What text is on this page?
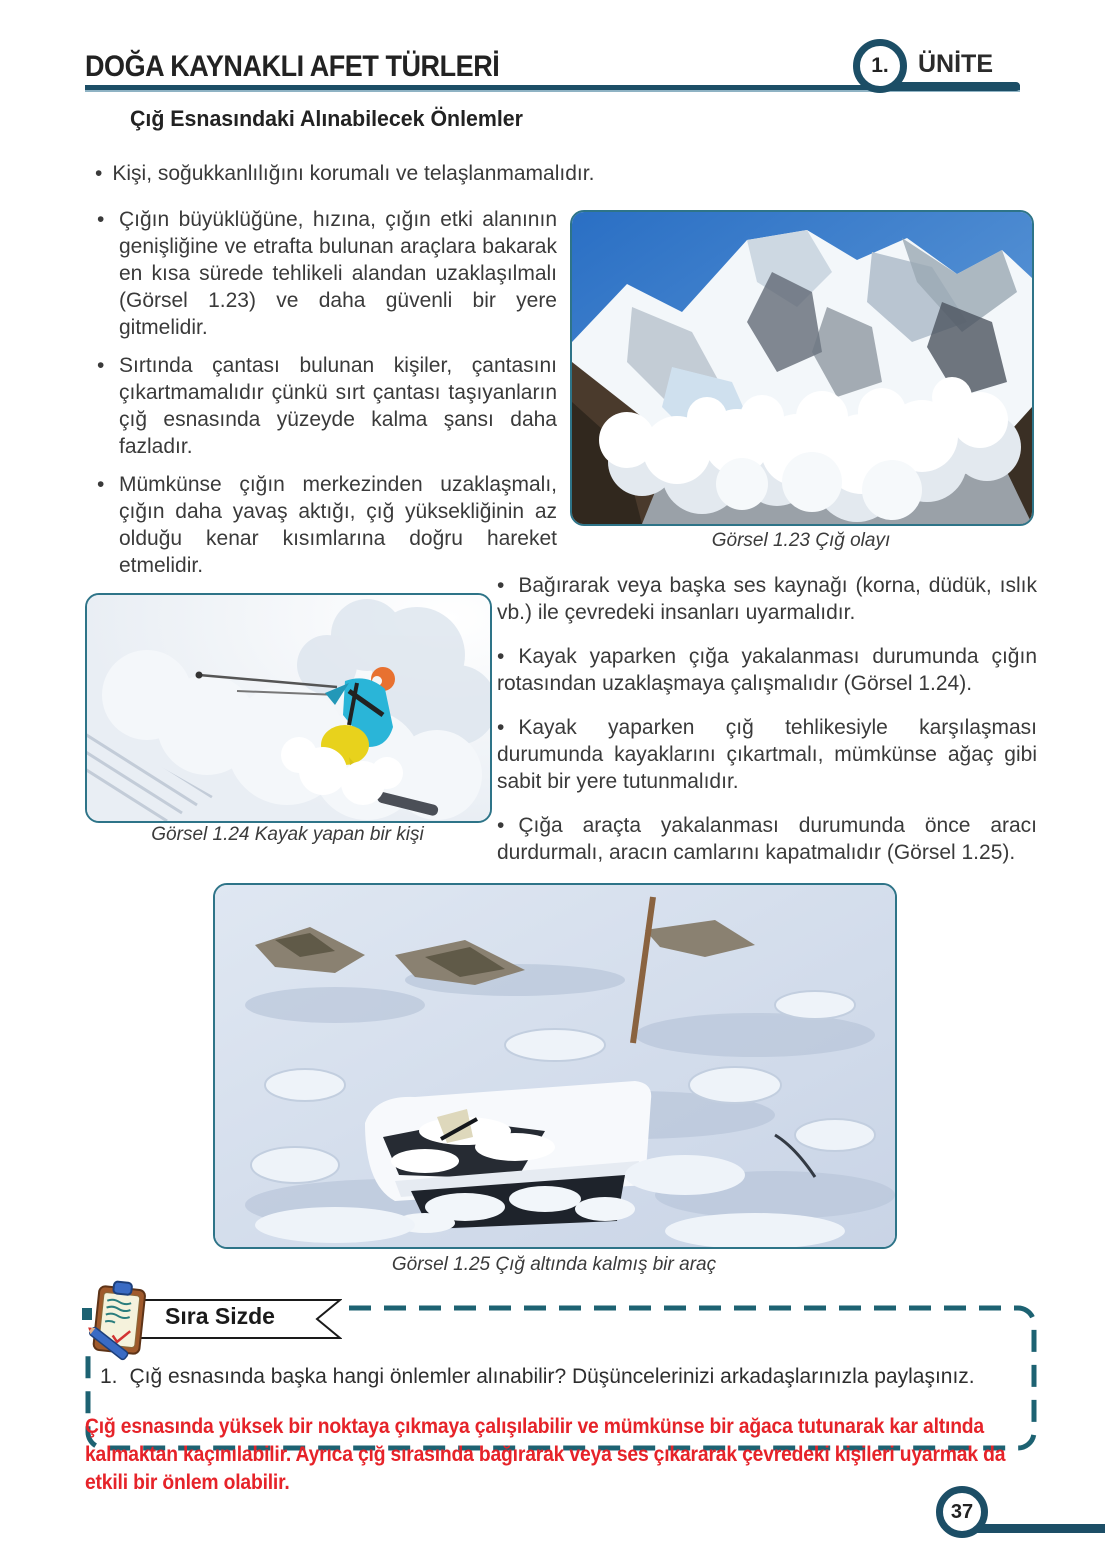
DOĞA KAYNAKLI AFET TÜRLERİ	1. ÜNİTE
Çığ Esnasındaki Alınabilecek Önlemler
• Kişi, soğukkanlılığını korumalı ve telaşlanmamalıdır.
• Çığın büyüklüğüne, hızına, çığın etki alanının genişliğine ve etrafta bulunan araçlara bakarak en kısa sürede tehlikeli alandan uzaklaşılmalı (Görsel 1.23) ve daha güvenli bir yere gitmelidir.
• Sırtında çantası bulunan kişiler, çantasını çıkartmamalıdır çünkü sırt çantası taşıyanların çığ esnasında yüzeyde kalma şansı daha fazladır.
• Mümkünse çığın merkezinden uzaklaşmalı, çığın daha yavaş aktığı, çığ yüksekliğinin az olduğu kenar kısımlarına doğru hareket etmelidir.
• Bağırarak veya başka ses kaynağı (korna, düdük, ıslık vb.) ile çevredeki insanları uyarmalıdır.
• Kayak yaparken çığa yakalanması durumunda çığın rotasından uzaklaşmaya çalışmalıdır (Görsel 1.24).
• Kayak yaparken çığ tehlikesiyle karşılaşması durumunda kayaklarını çıkartmalı, mümkünse ağaç gibi sabit bir yere tutunmalıdır.
• Çığa araçta yakalanması durumunda önce aracı durdurmalı, aracın camlarını kapatmalıdır (Görsel 1.25).
Görsel 1.23 Çığ olayı
Görsel 1.24 Kayak yapan bir kişi
Görsel 1.25 Çığ altında kalmış bir araç
Sıra Sizde
1. Çığ esnasında başka hangi önlemler alınabilir? Düşüncelerinizi arkadaşlarınızla paylaşınız.
Çığ esnasında yüksek bir noktaya çıkmaya çalışılabilir ve mümkünse bir ağaca tutunarak kar altında kalmaktan kaçınılabilir. Ayrıca çığ sırasında bağırarak veya ses çıkararak çevredeki kişileri uyarmak da etkili bir önlem olabilir.
37
